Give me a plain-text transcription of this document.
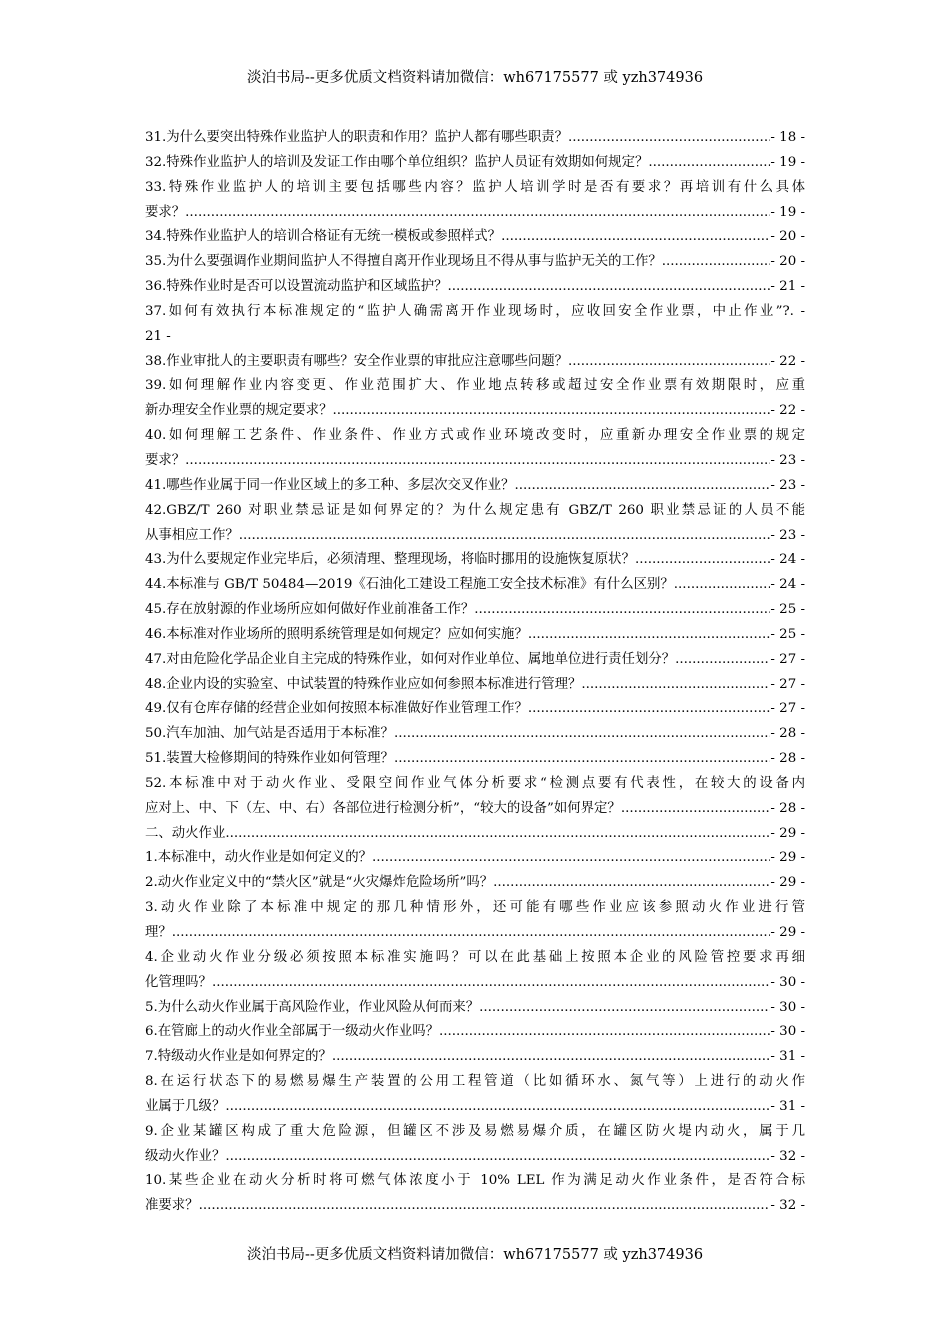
淡泊书局--更多优质文档资料请加微信：wh67175577 或 yzh374936
31.为什么要突出特殊作业监护人的职责和作用？监护人都有哪些职责？ .....	- 18 -
32.特殊作业监护人的培训及发证工作由哪个单位组织？监护人员证有效期如何规定？ .....	- 19 -
33.特殊作业监护人的培训主要包括哪些内容？监护人培训学时是否有要求？再培训有什么具体
要求？ .....	- 19 -
34.特殊作业监护人的培训合格证有无统一模板或参照样式？ .....	- 20 -
35.为什么要强调作业期间监护人不得擅自离开作业现场且不得从事与监护无关的工作？ .....	- 20 -
36.特殊作业时是否可以设置流动监护和区域监护？ .....	- 21 -
37.如何有效执行本标准规定的“监护人确需离开作业现场时，应收回安全作业票，中止作业”?. -
21 -
38.作业审批人的主要职责有哪些？安全作业票的审批应注意哪些问题？ .....	- 22 -
39.如何理解作业内容变更、作业范围扩大、作业地点转移或超过安全作业票有效期限时，应重
新办理安全作业票的规定要求？ .....	- 22 -
40.如何理解工艺条件、作业条件、作业方式或作业环境改变时，应重新办理安全作业票的规定
要求？ .....	- 23 -
41.哪些作业属于同一作业区域上的多工种、多层次交叉作业？ .....	- 23 -
42.GBZ/T 260 对职业禁忌证是如何界定的？为什么规定患有 GBZ/T 260 职业禁忌证的人员不能
从事相应工作？ .....	- 23 -
43.为什么要规定作业完毕后，必须清理、整理现场，将临时挪用的设施恢复原状？ .....	- 24 -
44.本标准与 GB/T 50484—2019《石油化工建设工程施工安全技术标准》有什么区别？ .....	- 24 -
45.存在放射源的作业场所应如何做好作业前准备工作？ .....	- 25 -
46.本标准对作业场所的照明系统管理是如何规定？应如何实施？ .....	- 25 -
47.对由危险化学品企业自主完成的特殊作业，如何对作业单位、属地单位进行责任划分？ .....	- 27 -
48.企业内设的实验室、中试装置的特殊作业应如何参照本标准进行管理？ .....	- 27 -
49.仅有仓库存储的经营企业如何按照本标准做好作业管理工作？ .....	- 27 -
50.汽车加油、加气站是否适用于本标准？ .....	- 28 -
51.装置大检修期间的特殊作业如何管理？ .....	- 28 -
52.本标准中对于动火作业、受限空间作业气体分析要求“检测点要有代表性，在较大的设备内
应对上、中、下（左、中、右）各部位进行检测分析”，“较大的设备”如何界定？ .....	- 28 -
二、动火作业 .....	- 29 -
1.本标准中，动火作业是如何定义的？ .....	- 29 -
2.动火作业定义中的“禁火区”就是“火灾爆炸危险场所”吗？ .....	- 29 -
3.动火作业除了本标准中规定的那几种情形外，还可能有哪些作业应该参照动火作业进行管
理？ .....	- 29 -
4.企业动火作业分级必须按照本标准实施吗？可以在此基础上按照本企业的风险管控要求再细
化管理吗？ .....	- 30 -
5.为什么动火作业属于高风险作业，作业风险从何而来？ .....	- 30 -
6.在管廊上的动火作业全部属于一级动火作业吗？ .....	- 30 -
7.特级动火作业是如何界定的？ .....	- 31 -
8.在运行状态下的易燃易爆生产装置的公用工程管道（比如循环水、氮气等）上进行的动火作
业属于几级？ .....	- 31 -
9.企业某罐区构成了重大危险源，但罐区不涉及易燃易爆介质，在罐区防火堤内动火，属于几
级动火作业？ .....	- 32 -
10.某些企业在动火分析时将可燃气体浓度小于 10% LEL 作为满足动火作业条件，是否符合标
准要求？ .....	- 32 -
淡泊书局--更多优质文档资料请加微信：wh67175577 或 yzh374936
